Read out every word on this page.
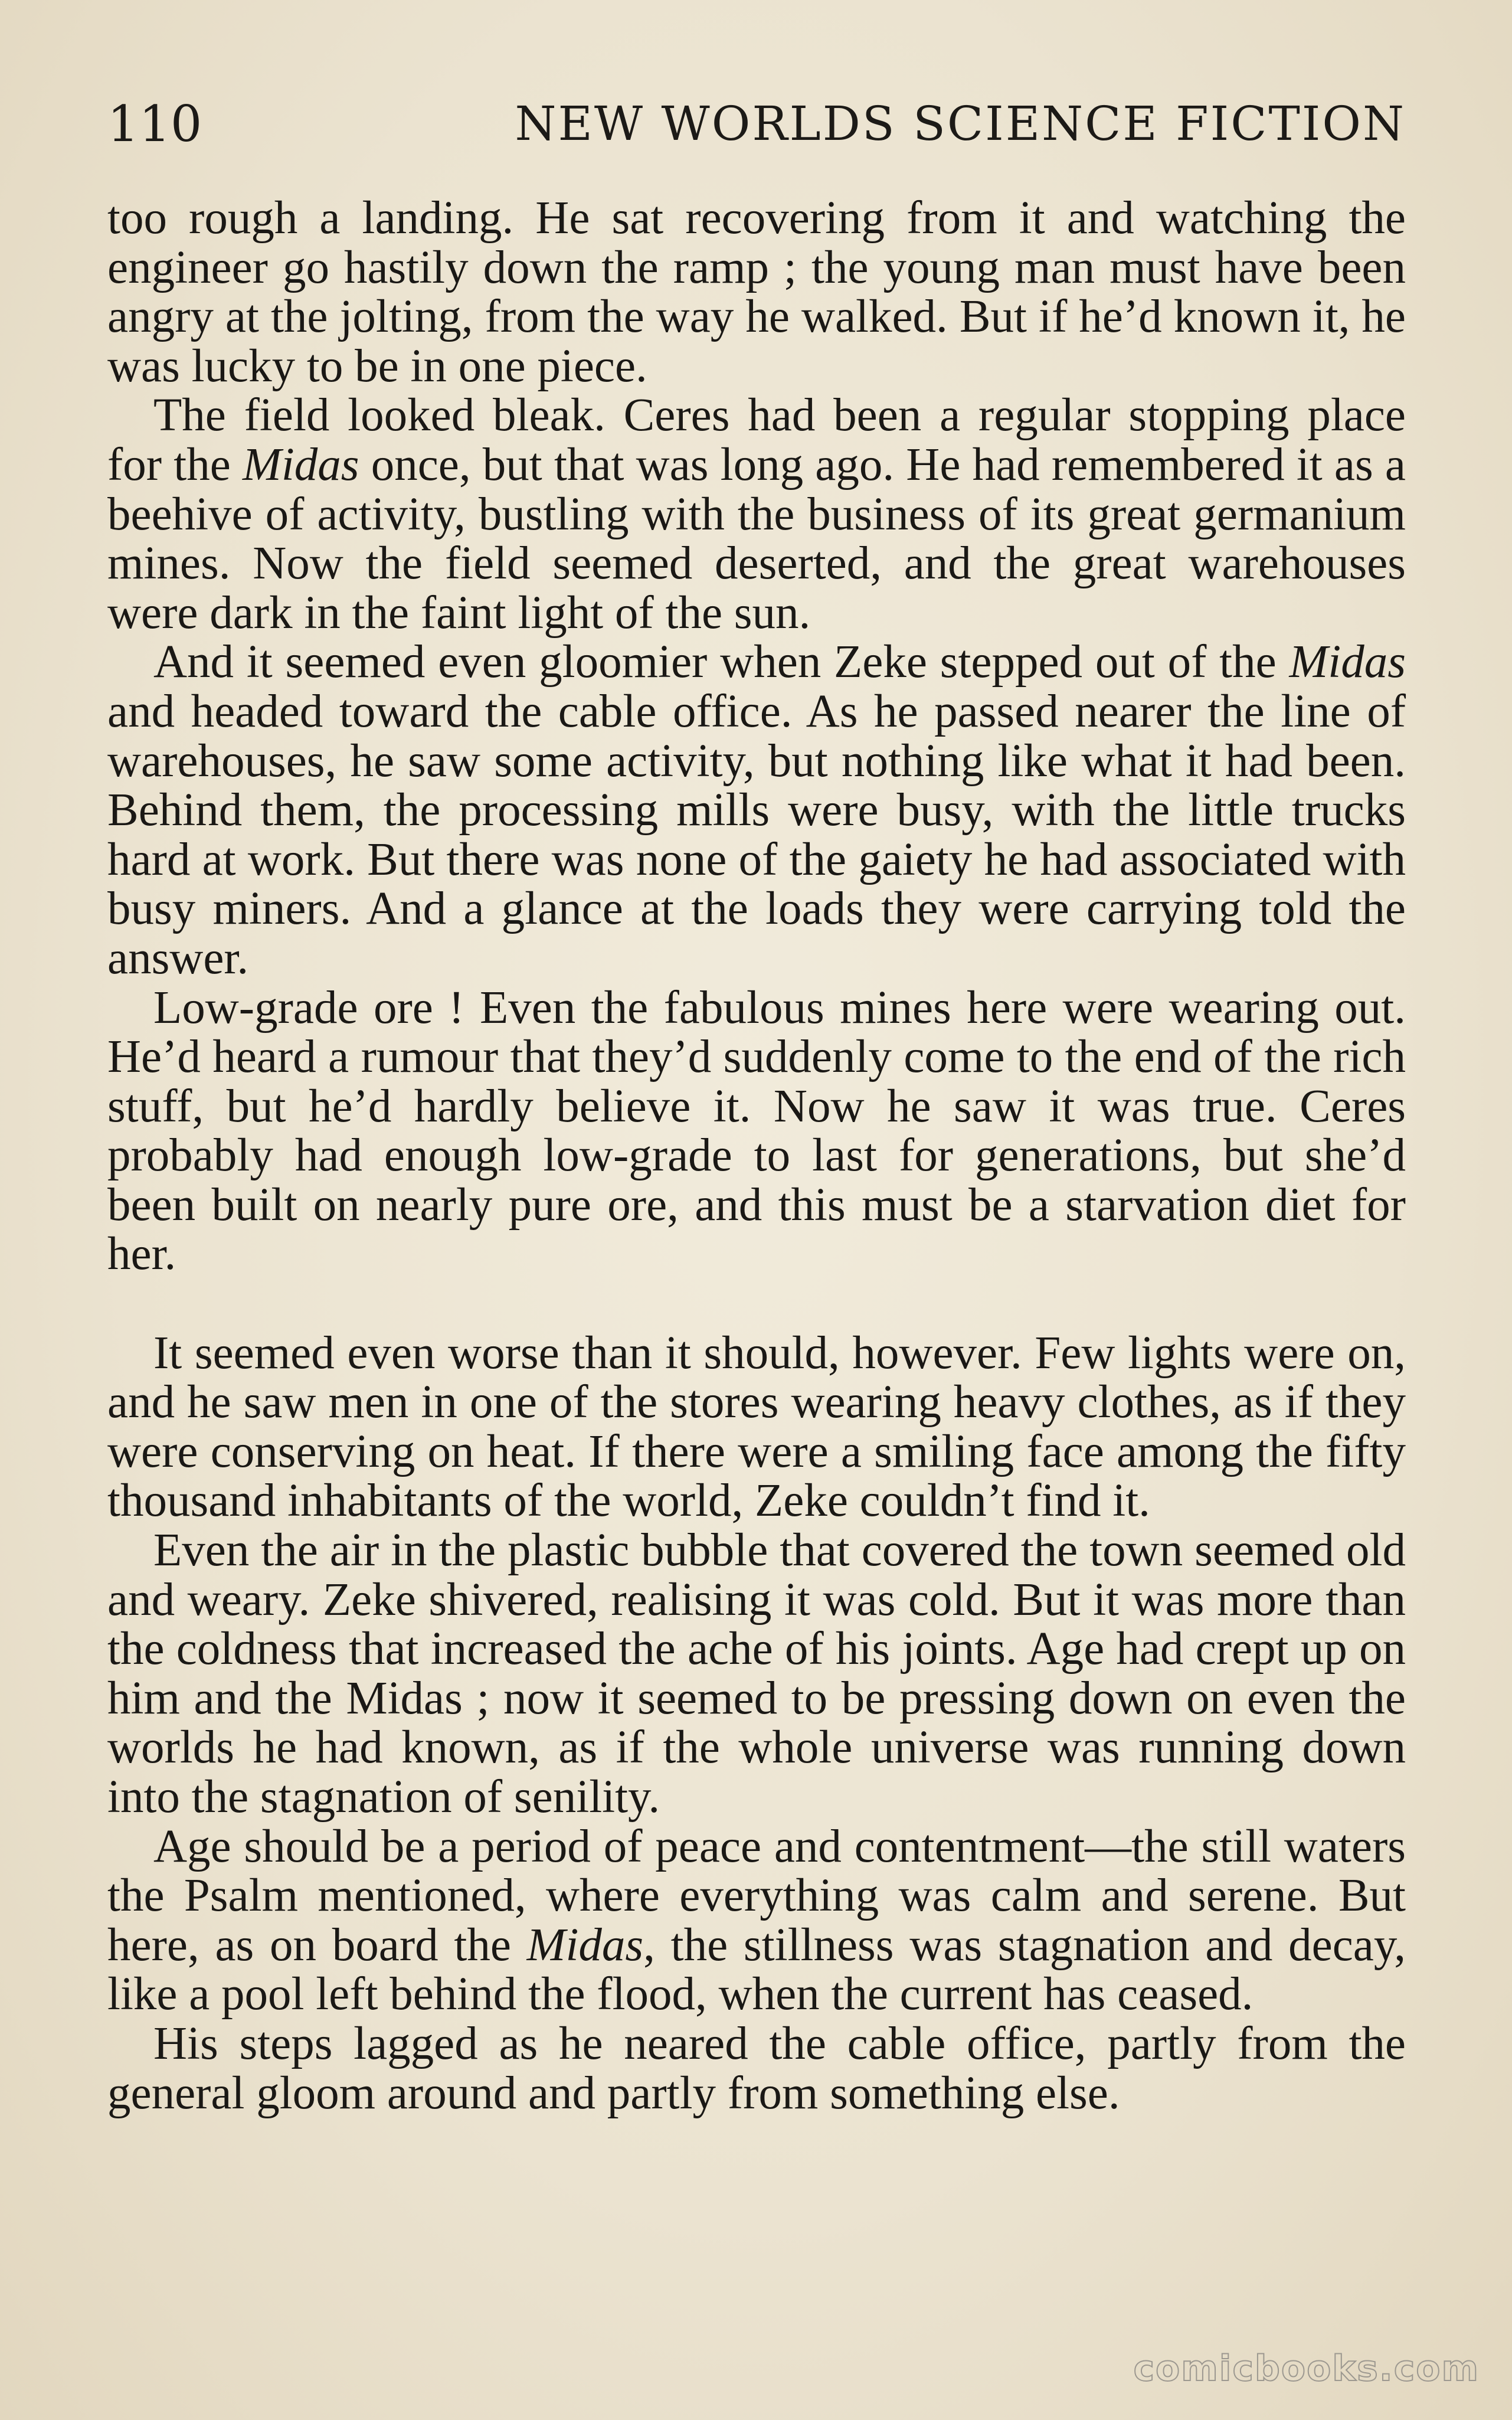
110	NEW WORLDS SCIENCE FICTION

too rough a landing. He sat recovering from it and watching the engineer go hastily down the ramp ; the young man must have been angry at the jolting, from the way he walked. But if he’d known it, he was lucky to be in one piece.

The field looked bleak. Ceres had been a regular stopping place for the Midas once, but that was long ago. He had remembered it as a beehive of activity, bustling with the business of its great germanium mines. Now the field seemed deserted, and the great warehouses were dark in the faint light of the sun.

And it seemed even gloomier when Zeke stepped out of the Midas and headed toward the cable office. As he passed nearer the line of warehouses, he saw some activity, but nothing like what it had been. Behind them, the processing mills were busy, with the little trucks hard at work. But there was none of the gaiety he had associated with busy miners. And a glance at the loads they were carrying told the answer.

Low-grade ore ! Even the fabulous mines here were wearing out. He’d heard a rumour that they’d suddenly come to the end of the rich stuff, but he’d hardly believe it. Now he saw it was true. Ceres probably had enough low-grade to last for generations, but she’d been built on nearly pure ore, and this must be a starvation diet for her.

It seemed even worse than it should, however. Few lights were on, and he saw men in one of the stores wearing heavy clothes, as if they were conserving on heat. If there were a smiling face among the fifty thousand inhabitants of the world, Zeke couldn’t find it.

Even the air in the plastic bubble that covered the town seemed old and weary. Zeke shivered, realising it was cold. But it was more than the coldness that increased the ache of his joints. Age had crept up on him and the Midas ; now it seemed to be pressing down on even the worlds he had known, as if the whole universe was running down into the stagnation of senility.

Age should be a period of peace and contentment—the still waters the Psalm mentioned, where everything was calm and serene. But here, as on board the Midas, the stillness was stagnation and decay, like a pool left behind the flood, when the current has ceased.

His steps lagged as he neared the cable office, partly from the general gloom around and partly from something else.

comicbooks.com
